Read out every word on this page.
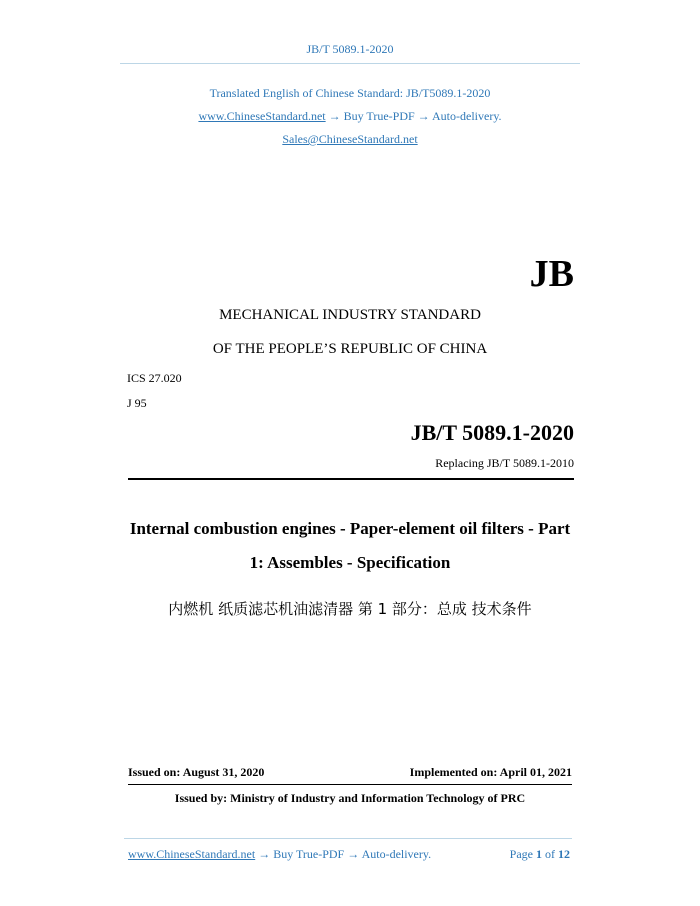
JB/T 5089.1-2020
Translated English of Chinese Standard: JB/T5089.1-2020
www.ChineseStandard.net → Buy True-PDF → Auto-delivery.
Sales@ChineseStandard.net
JB
MECHANICAL INDUSTRY STANDARD
OF THE PEOPLE’S REPUBLIC OF CHINA
ICS 27.020
J 95
JB/T 5089.1-2020
Replacing JB/T 5089.1-2010
Internal combustion engines - Paper-element oil filters - Part
1: Assembles - Specification
内燃机 纸质滤芯机油滤清器 第 1 部分：总成 技术条件
Issued on: August 31, 2020	Implemented on: April 01, 2021
Issued by: Ministry of Industry and Information Technology of PRC
www.ChineseStandard.net → Buy True-PDF → Auto-delivery.	Page 1 of 12
